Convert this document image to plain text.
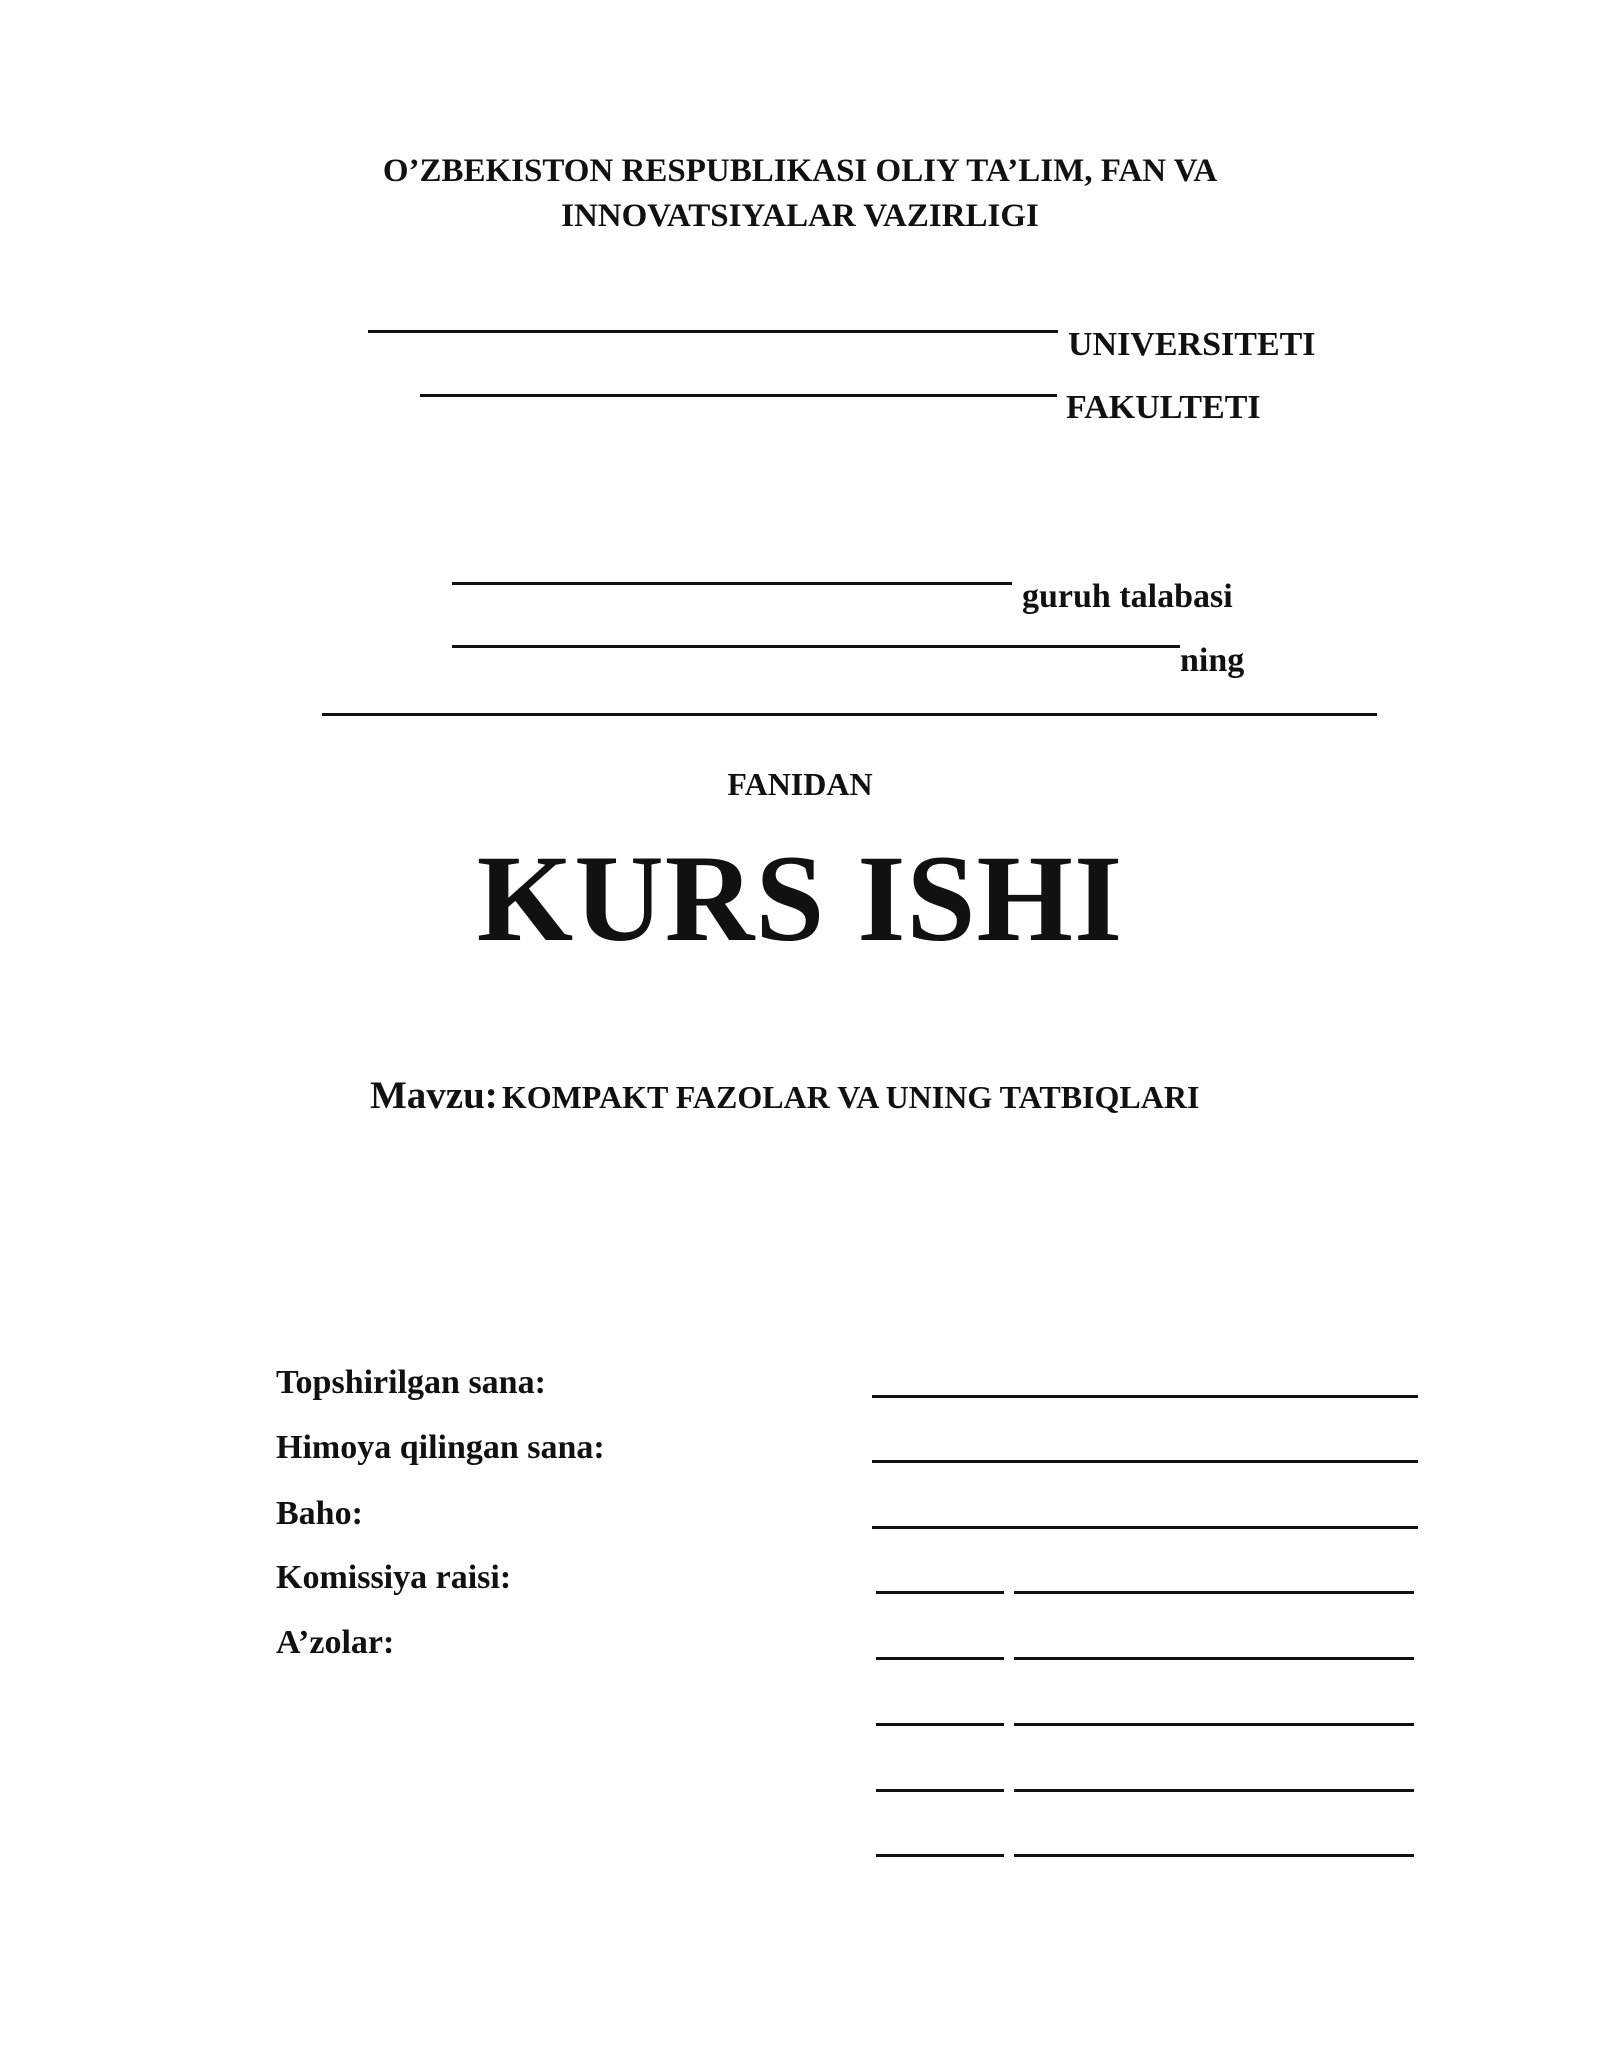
O’ZBEKISTON RESPUBLIKASI OLIY TA’LIM, FAN VA
INNOVATSIYALAR VAZIRLIGI
UNIVERSITETI
FAKULTETI
guruh talabasi
ning
FANIDAN
KURS ISHI
Mavzu: KOMPAKT FAZOLAR VA UNING TATBIQLARI
Topshirilgan sana:
Himoya qilingan sana:
Baho:
Komissiya raisi:
A’zolar:
